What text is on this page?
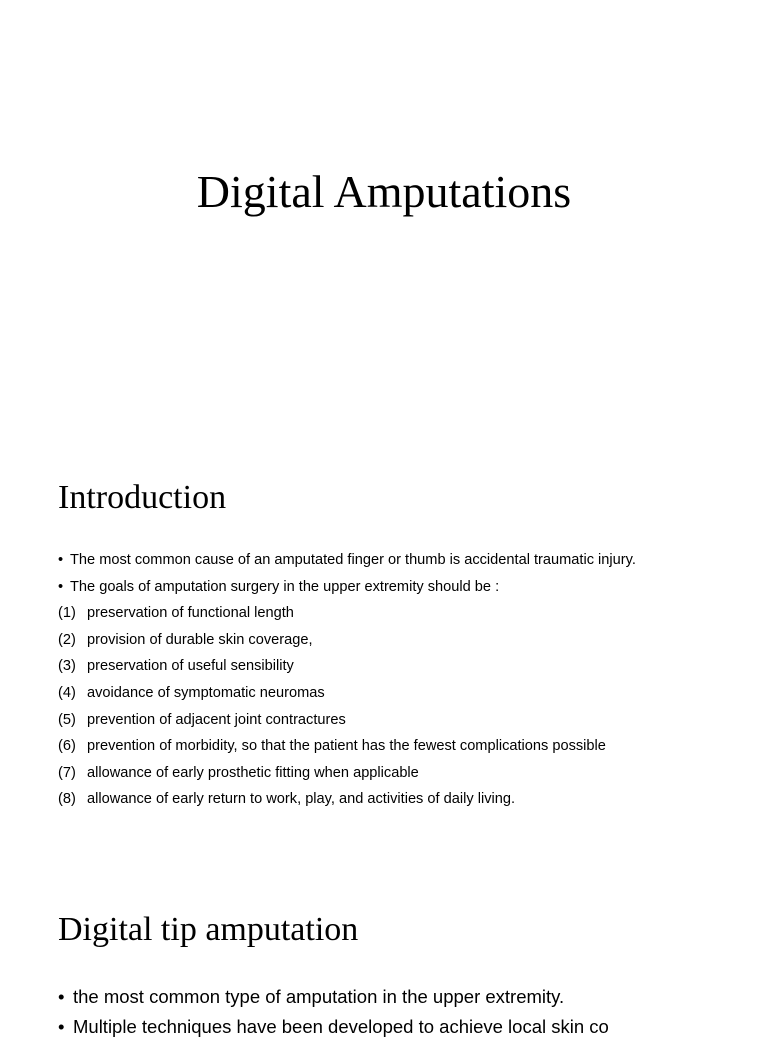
Digital Amputations
Introduction
• The most common cause of an amputated finger or thumb is accidental traumatic injury.
• The goals of amputation surgery in the upper extremity should be :
(1) preservation of functional length
(2) provision of durable skin coverage,
(3) preservation of useful sensibility
(4) avoidance of symptomatic neuromas
(5) prevention of adjacent joint contractures
(6) prevention of morbidity, so that the patient has the fewest complications possible
(7) allowance of early prosthetic fitting when applicable
(8) allowance of early return to work, play, and activities of daily living.
Digital tip amputation
• the most common type of amputation in the upper extremity.
• Multiple techniques have been developed to achieve local skin co
